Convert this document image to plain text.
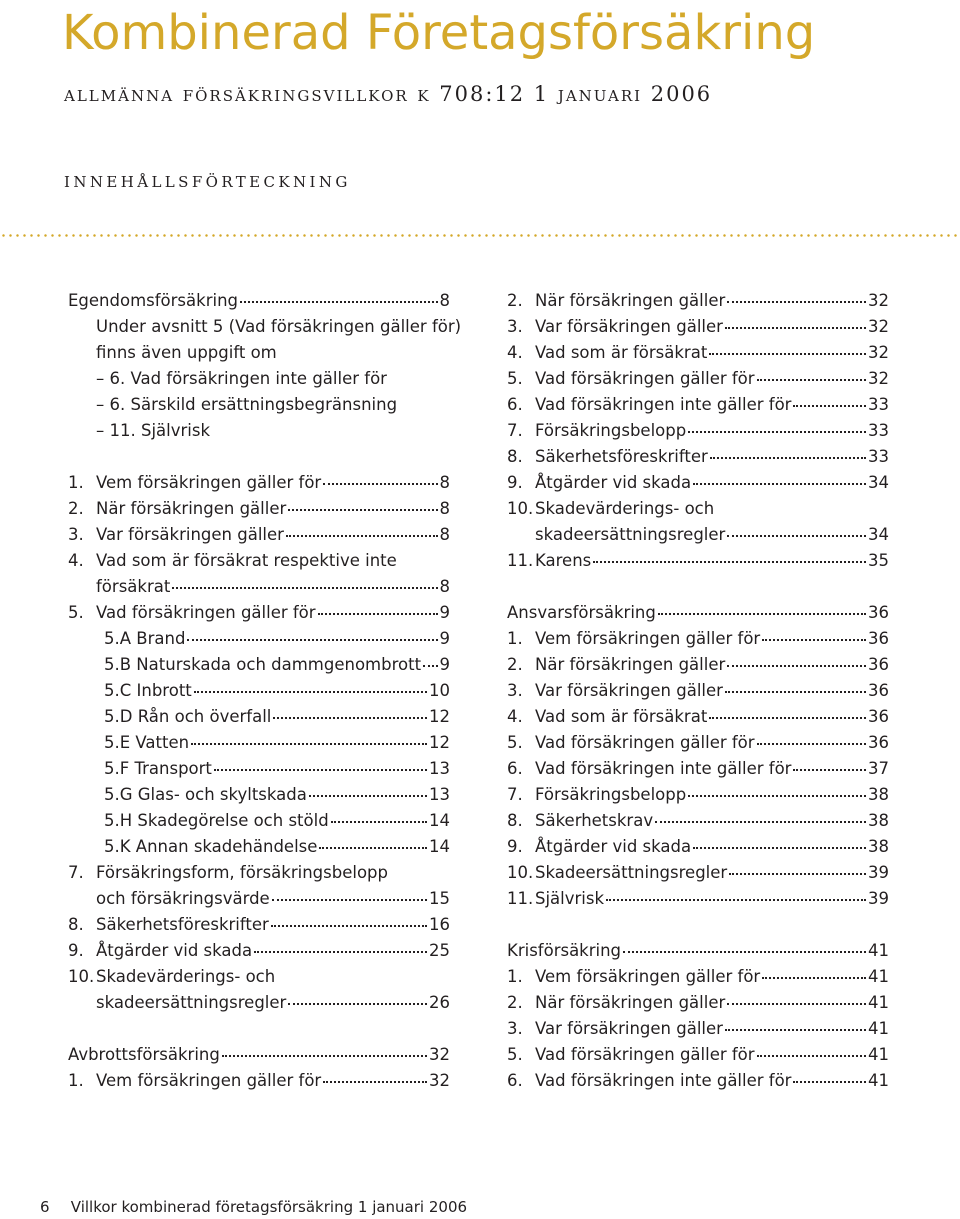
Kombinerad Företagsförsäkring
allmänna försäkringsvillkor k 708:12 1 januari 2006
INNEHÅLLSFÖRTECKNING
Egendomsförsäkring	8
Under avsnitt 5 (Vad försäkringen gäller för)
finns även uppgift om
– 6. Vad försäkringen inte gäller för
– 6. Särskild ersättningsbegränsning
– 11. Självrisk
1. Vem försäkringen gäller för	8
2. När försäkringen gäller	8
3. Var försäkringen gäller	8
4. Vad som är försäkrat respektive inte
försäkrat	8
5. Vad försäkringen gäller för	9
5.A Brand	9
5.B Naturskada och dammgenombrott 9
5.C Inbrott	10
5.D Rån och överfall	12
5.E Vatten	12
5.F Transport	13
5.G Glas- och skyltskada	13
5.H Skadegörelse och stöld	14
5.K Annan skadehändelse	14
7. Försäkringsform, försäkringsbelopp
och försäkringsvärde	15
8. Säkerhetsföreskrifter	16
9. Åtgärder vid skada	25
10. Skadevärderings- och
skadeersättningsregler	26
Avbrottsförsäkring	32
1. Vem försäkringen gäller för	32
2. När försäkringen gäller	32
3. Var försäkringen gäller	32
4. Vad som är försäkrat	32
5. Vad försäkringen gäller för	32
6. Vad försäkringen inte gäller för	33
7. Försäkringsbelopp	33
8. Säkerhetsföreskrifter	33
9. Åtgärder vid skada	34
10. Skadevärderings- och
skadeersättningsregler	34
11. Karens	35
Ansvarsförsäkring	36
1. Vem försäkringen gäller för	36
2. När försäkringen gäller	36
3. Var försäkringen gäller	36
4. Vad som är försäkrat	36
5. Vad försäkringen gäller för	36
6. Vad försäkringen inte gäller för	37
7. Försäkringsbelopp	38
8. Säkerhetskrav	38
9. Åtgärder vid skada	38
10. Skadeersättningsregler	39
11. Självrisk	39
Krisförsäkring	41
1. Vem försäkringen gäller för	41
2. När försäkringen gäller	41
3. Var försäkringen gäller	41
5. Vad försäkringen gäller för	41
6. Vad försäkringen inte gäller för	41
6 Villkor kombinerad företagsförsäkring 1 januari 2006
